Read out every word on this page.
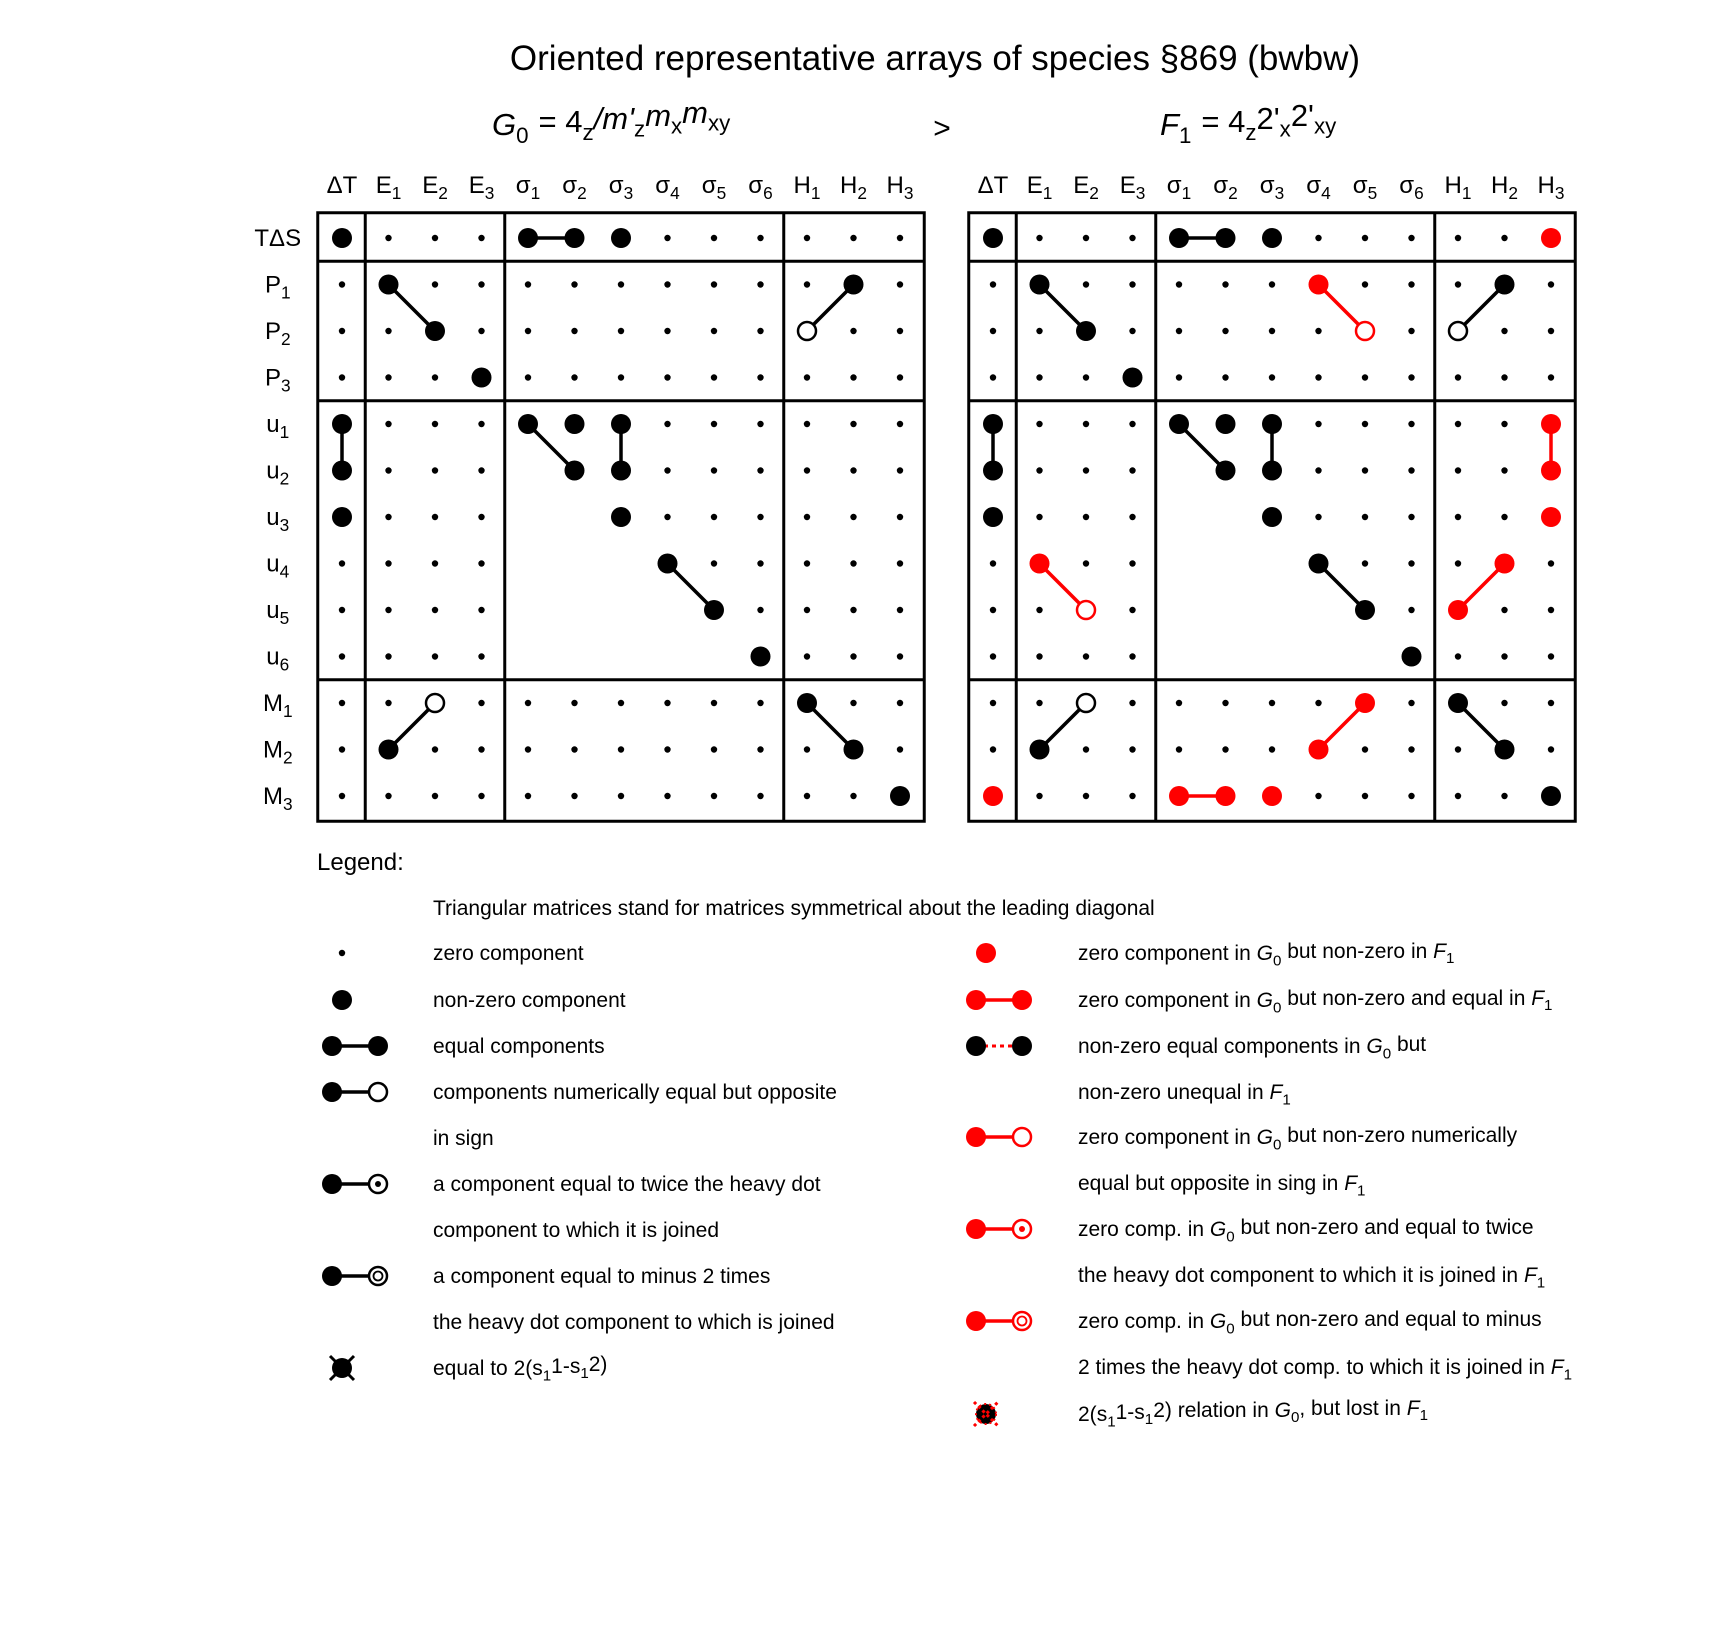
Oriented representative arrays of species §869 (bwbw)
$G_0 = 4_z/m'_zm_xm_{xy}$	>	$F_1 = 4_z2'_x2'_{xy}$
ΔT $E_1$ $E_2$ $E_3$ $\sigma_1$ $\sigma_2$ $\sigma_3$ $\sigma_4$ $\sigma_5$ $\sigma_6$ $H_1$ $H_2$ $H_3$
TΔS
$P_1$
$P_2$
$P_3$
$u_1$
$u_2$
$u_3$
$u_4$
$u_5$
$u_6$
$M_1$
$M_2$
$M_3$
ΔT $E_1$ $E_2$ $E_3$ $\sigma_1$ $\sigma_2$ $\sigma_3$ $\sigma_4$ $\sigma_5$ $\sigma_6$ $H_1$ $H_2$ $H_3$
Legend:
Triangular matrices stand for matrices symmetrical about the leading diagonal
zero component
non-zero component
equal components
components numerically equal but opposite
in sign
a component equal to twice the heavy dot
component to which it is joined
a component equal to minus 2 times
the heavy dot component to which is joined
equal to $2(s_11-s_12)$
zero component in $G_0$ but non-zero in $F_1$
zero component in $G_0$ but non-zero and equal in $F_1$
non-zero equal components in $G_0$ but
non-zero unequal in $F_1$
zero component in $G_0$ but non-zero numerically
equal but opposite in sing in $F_1$
zero comp. in $G_0$ but non-zero and equal to twice
the heavy dot component to which it is joined in $F_1$
zero comp. in $G_0$ but non-zero and equal to minus
2 times the heavy dot comp. to which it is joined in $F_1$
$2(s_11-s_12)$ relation in $G_0$, but lost in $F_1$
